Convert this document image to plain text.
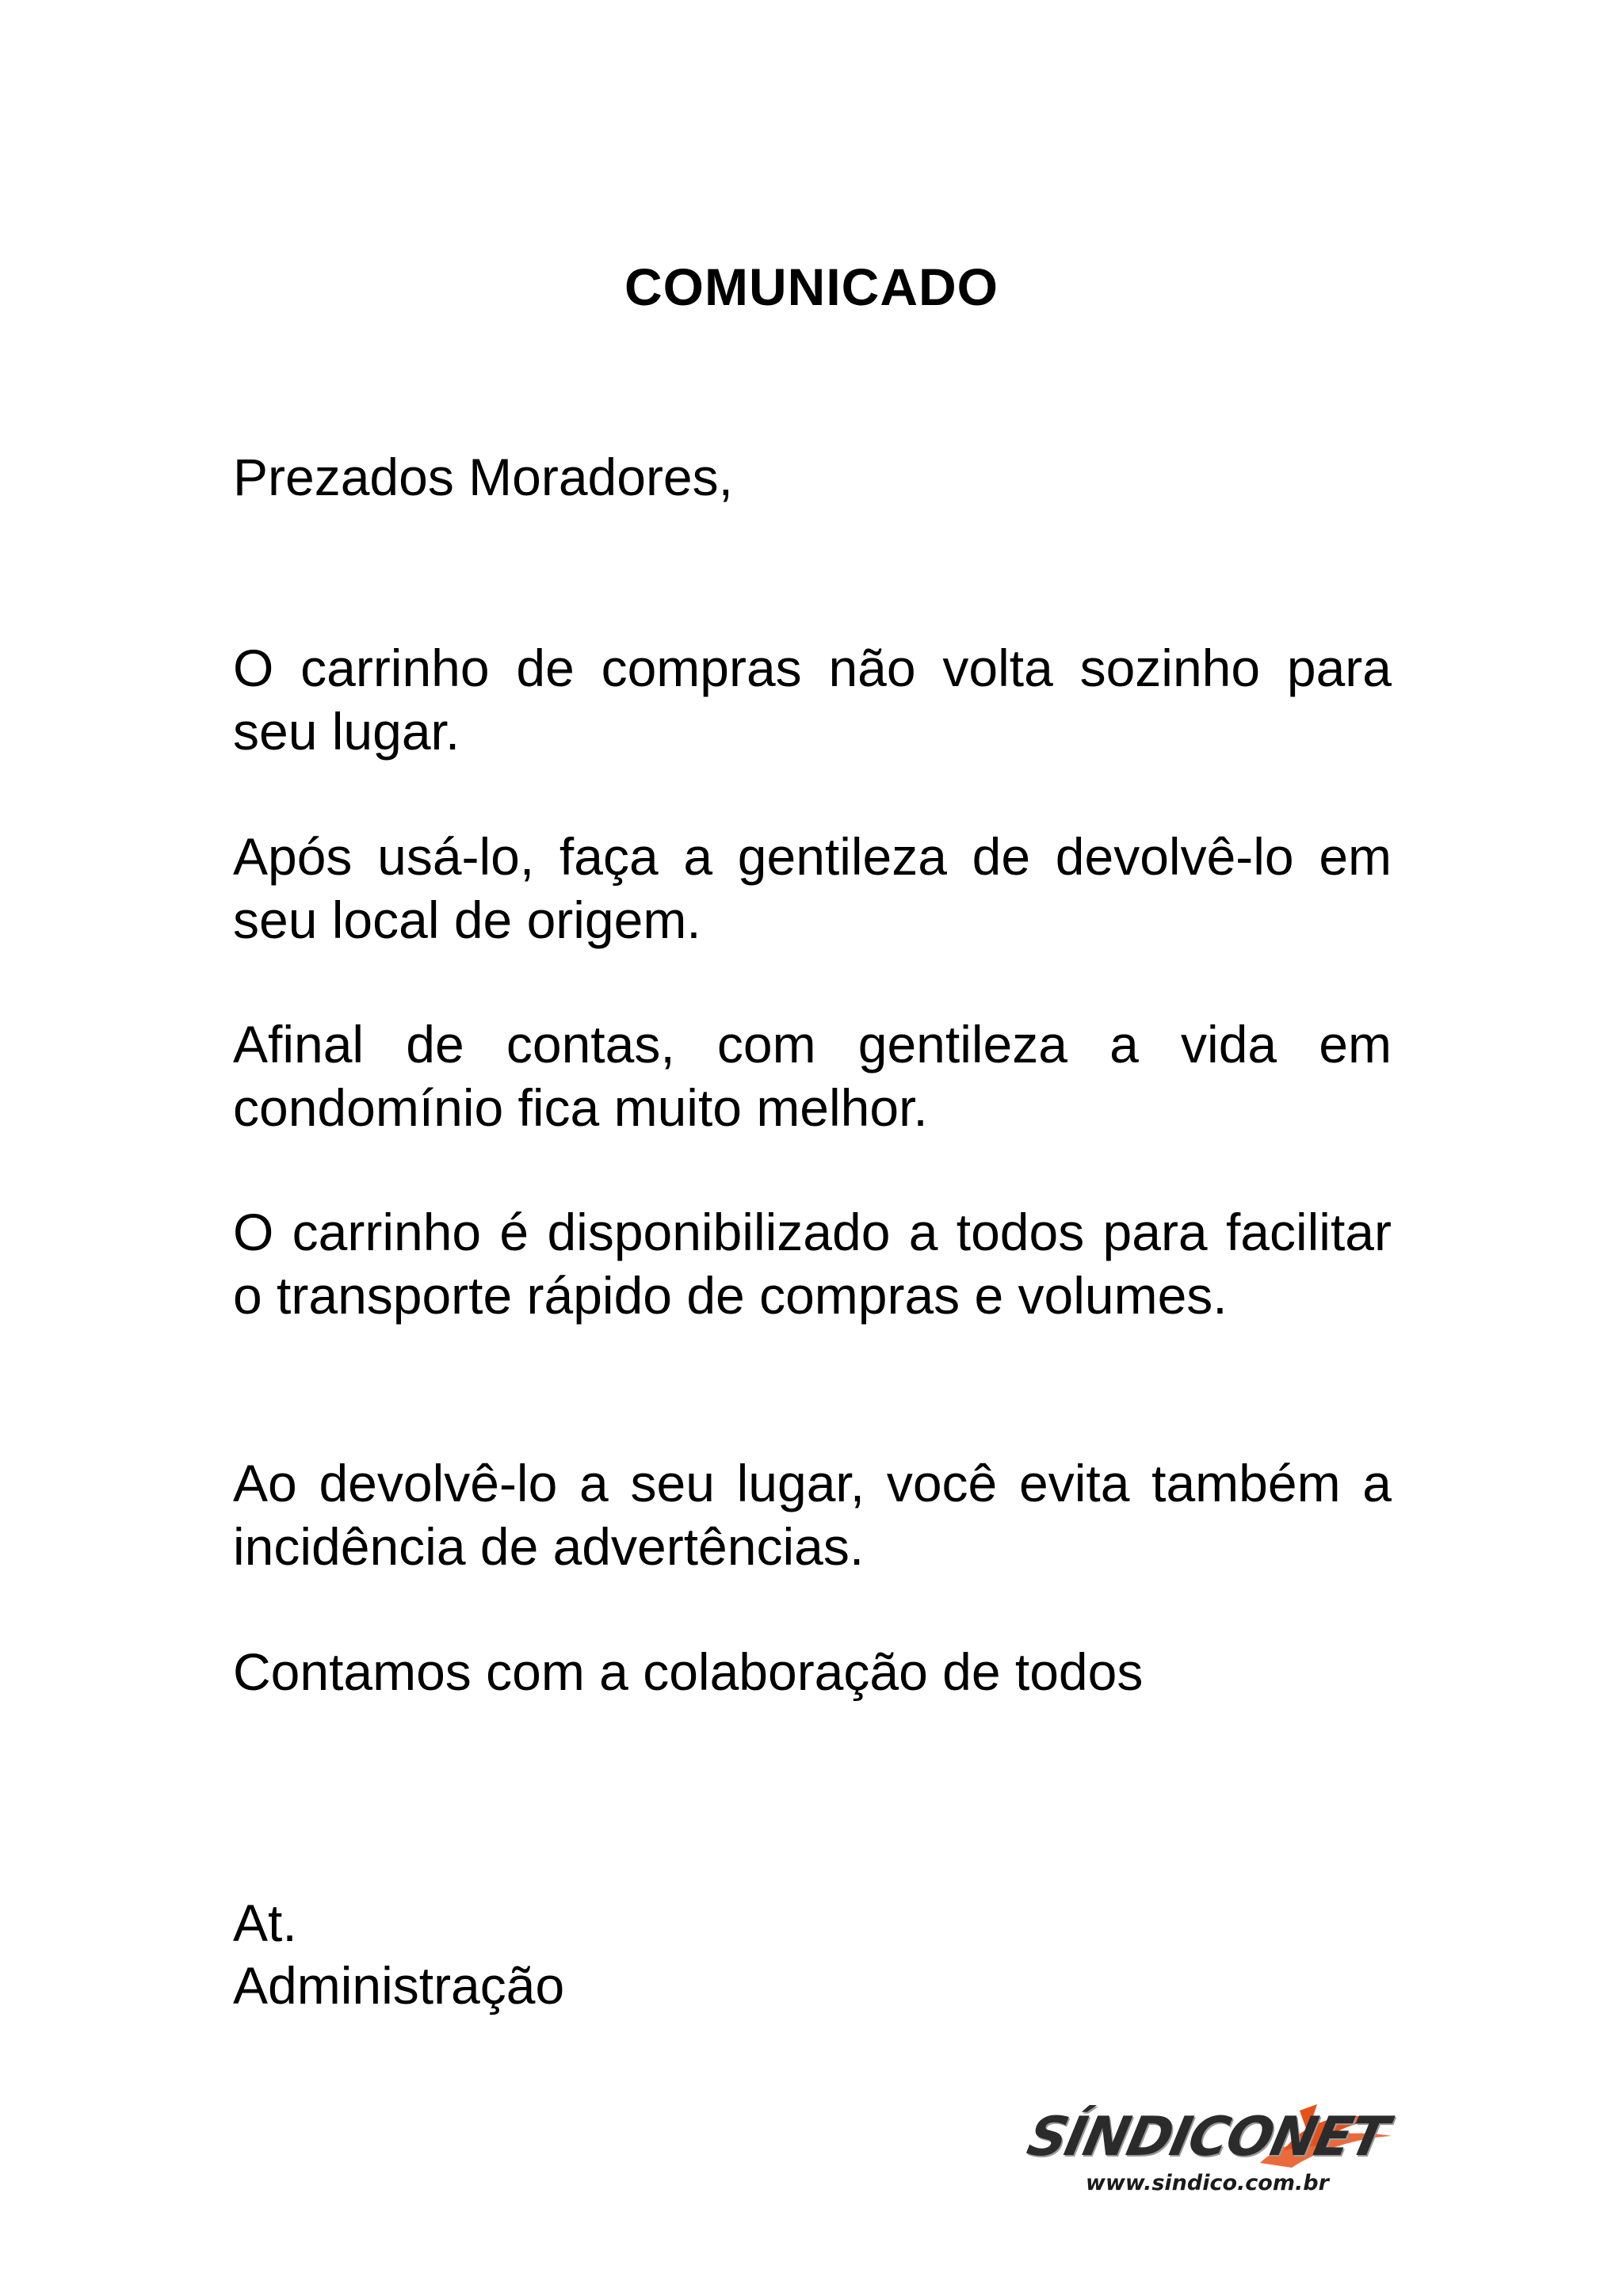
COMUNICADO
Prezados Moradores,
O carrinho de compras não volta sozinho para seu lugar.
Após usá-lo, faça a gentileza de devolvê-lo em seu local de origem.
Afinal de contas, com gentileza a vida em condomínio fica muito melhor.
O carrinho é disponibilizado a todos para facilitar o transporte rápido de compras e volumes.
Ao devolvê-lo a seu lugar, você evita também a incidência de advertências.
Contamos com a colaboração de todos
At.
Administração
SÍNDICONET
www.sindico.com.br
